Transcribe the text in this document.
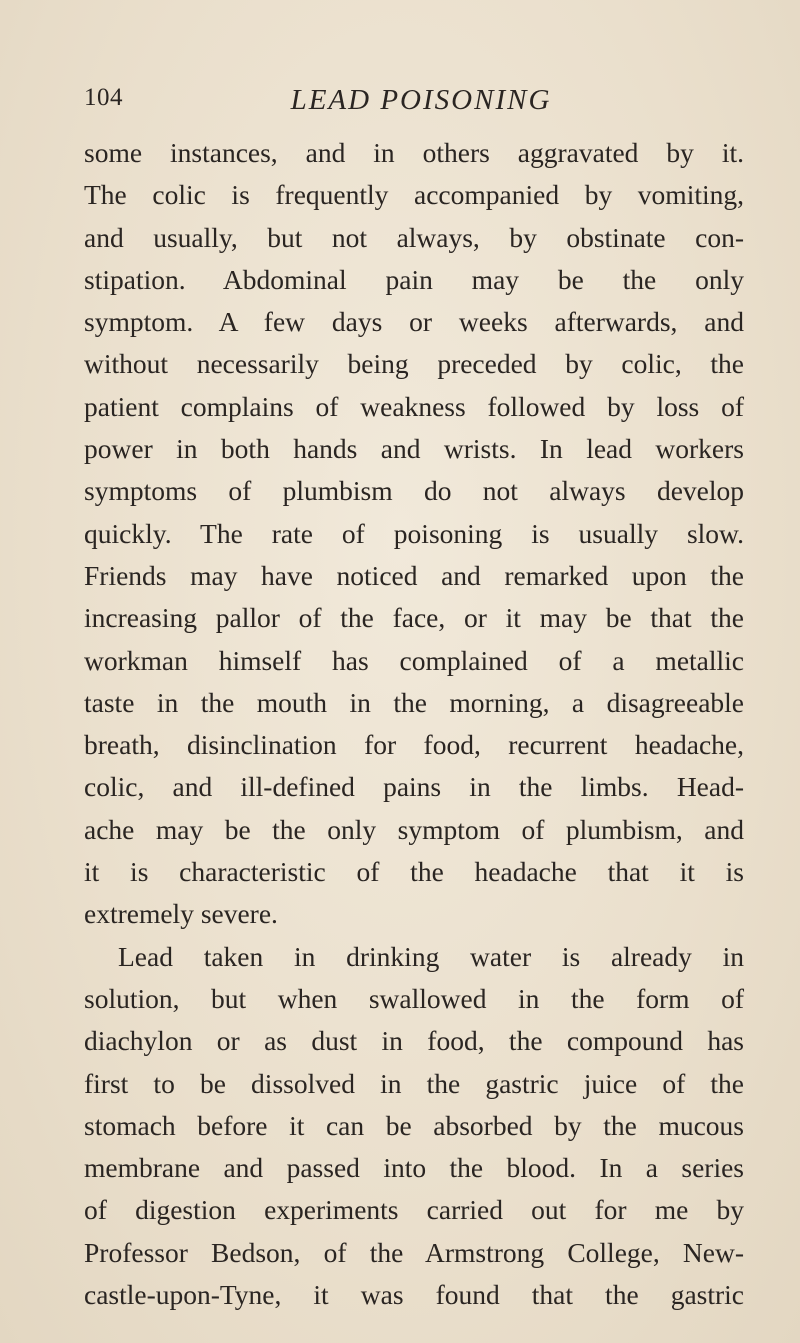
104	LEAD POISONING
some instances, and in others aggravated by it.
The colic is frequently accompanied by vomiting,
and usually, but not always, by obstinate con-
stipation. Abdominal pain may be the only
symptom. A few days or weeks afterwards, and
without necessarily being preceded by colic, the
patient complains of weakness followed by loss of
power in both hands and wrists. In lead workers
symptoms of plumbism do not always develop
quickly. The rate of poisoning is usually slow.
Friends may have noticed and remarked upon the
increasing pallor of the face, or it may be that the
workman himself has complained of a metallic
taste in the mouth in the morning, a disagreeable
breath, disinclination for food, recurrent headache,
colic, and ill-defined pains in the limbs. Head-
ache may be the only symptom of plumbism, and
it is characteristic of the headache that it is
extremely severe.
Lead taken in drinking water is already in
solution, but when swallowed in the form of
diachylon or as dust in food, the compound has
first to be dissolved in the gastric juice of the
stomach before it can be absorbed by the mucous
membrane and passed into the blood. In a series
of digestion experiments carried out for me by
Professor Bedson, of the Armstrong College, New-
castle-upon-Tyne, it was found that the gastric
